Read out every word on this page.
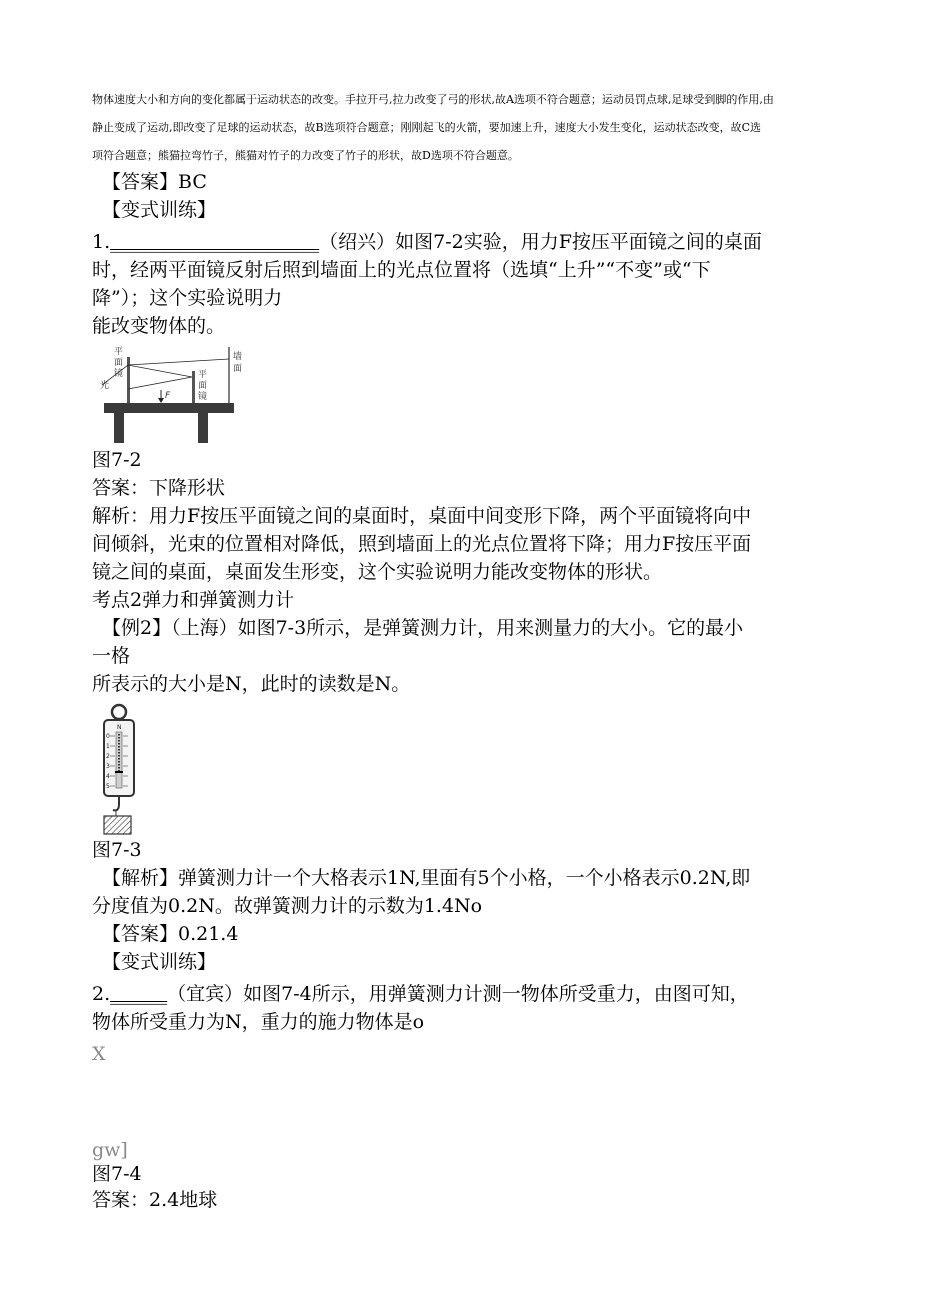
物体速度大小和方向的变化都属于运动状态的改变。手拉开弓,拉力改变了弓的形状,故A选项不符合题意；运动员罚点球,足球受到脚的作用,由
静止变成了运动,即改变了足球的运动状态，故B选项符合题意；刚刚起飞的火箭，要加速上升，速度大小发生变化，运动状态改变，故C选
项符合题意；熊猫拉弯竹子，熊猫对竹子的力改变了竹子的形状，故D选项不符合题意。
【答案】BC
【变式训练】
1.______________________（绍兴）如图7-2实验，用力F按压平面镜之间的桌面
时，经两平面镜反射后照到墙面上的光点位置将（选填“上升”“不变”或“下
降”）；这个实验说明力
能改变物体的。
平
面
镜
光
墙
面
F
平
面
镜
图7-2
答案：下降形状
解析：用力F按压平面镜之间的桌面时，桌面中间变形下降，两个平面镜将向中
间倾斜，光束的位置相对降低，照到墙面上的光点位置将下降；用力F按压平面
镜之间的桌面，桌面发生形变，这个实验说明力能改变物体的形状。
考点2弹力和弹簧测力计
【例2】（上海）如图7-3所示，是弹簧测力计，用来测量力的大小。它的最小
一格
所表示的大小是N，此时的读数是N。
N
0
1
2
3
4
5
图7-3
【解析】弹簧测力计一个大格表示1N,里面有5个小格，一个小格表示0.2N,即
分度值为0.2N。故弹簧测力计的示数为1.4No
【答案】0.21.4
【变式训练】
2.______（宜宾）如图7-4所示，用弹簧测力计测一物体所受重力，由图可知，
物体所受重力为N，重力的施力物体是o
X
gw]
图7-4
答案：2.4地球
